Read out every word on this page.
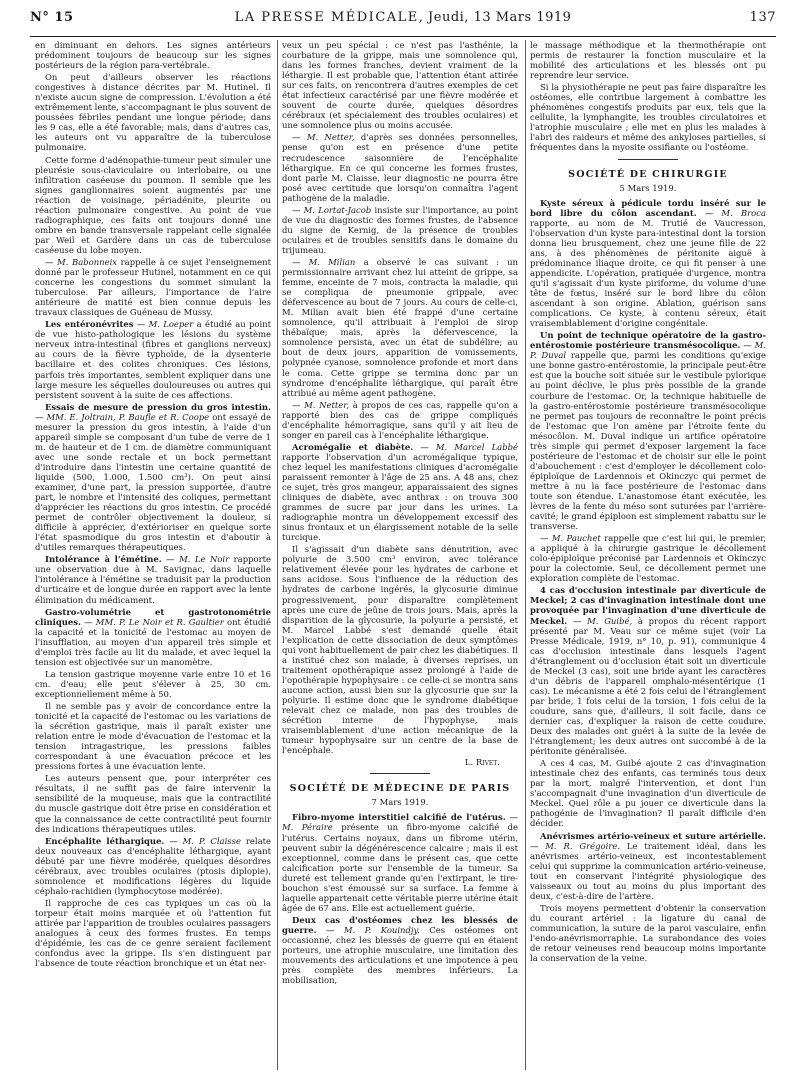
N° 15	LA PRESSE MÉDICALE, Jeudi, 13 Mars 1919	137

en diminuant en dehors. Les signes antérieurs prédominent toujours de beaucoup sur les signes postérieurs de la région para-vertébrale.

On peut d'ailleurs observer les réactions congestives à distance décrites par M. Hutinel. Il n'existe aucun signe de compression. L'évolution a été extrêmement lente, s'accompagnant le plus souvent de poussées fébriles pendant une longue période; dans les 9 cas, elle a été favorable; mais, dans d'autres cas, les auteurs ont vu apparaître de la tuberculose pulmonaire.

Cette forme d'adénopathie-tumeur peut simuler une pleurésie sous-claviculaire ou interlobaire, ou une infiltration caséeuse du poumon. Il semble que les signes ganglionnaires soient augmentés par une réaction de voisinage, périadénite, pleurite ou réaction pulmonaire congestive. Au point de vue radiographique, ces faits ont toujours donné une ombre en bande transversale rappelant celle signalée par Weil et Gardère dans un cas de tuberculose caséeuse du lobe moyen.

— M. Babonneix rappelle à ce sujet l'enseignement donné par le professeur Hutinel, notamment en ce qui concerne les congestions du sommet simulant la tuberculose. Par ailleurs, l'importance de l'aire antérieure de matité est bien connue depuis les travaux classiques de Guéneau de Mussy.

Les entéronévrites — M. Loeper a étudié au point de vue histo-pathologique les lésions du système nerveux intra-intestinal (fibres et ganglions nerveux) au cours de la fièvre typhoïde, de la dysenterie bacillaire et des colites chroniques. Ces lésions, parfois très importantes, semblent expliquer dans une large mesure les séquelles douloureuses ou autres qui persistent souvent à la suite de ces affections.

Essais de mesure de pression du gros intestin. — MM. E. Joltrain, P. Baufle et R. Coope ont essayé de mesurer la pression du gros intestin, à l'aide d'un appareil simple se composant d'un tube de verre de 1 m. de hauteur et de 1 cm. de diamètre communiquant avec une sonde rectale et un bock permettant d'introduire dans l'intestin une certaine quantité de liquide (500, 1.000, 1.500 cm³). On peut ainsi examiner, d'une part, la pression supportée, d'autre part, le nombre et l'intensité des coliques, permettant d'apprécier les réactions du gros intestin. Ce procédé permet de contrôler objectivement la douleur, si difficile à apprécier, d'extérioriser en quelque sorte l'état spasmodique du gros intestin et d'aboutir à d'utiles remarques thérapeutiques.

Intolérance à l'émétine. — M. Le Noir rapporte une observation due à M. Savignac, dans laquelle l'intolérance à l'émétine se traduisit par la production d'urticaire et de longue durée en rapport avec la lente élimination du médicament.

Gastro-volumétrie et gastrotonométrie cliniques. — MM. P. Le Noir et R. Gaultier ont étudié la capacité et la tonicité de l'estomac au moyen de l'insufflation, au moyen d'un appareil très simple et d'emploi très facile au lit du malade, et avec lequel la tension est objectivée sur un manomètre.

La tension gastrique moyenne varie entre 10 et 16 cm. d'eau; elle peut s'élever à 25, 30 cm. exceptionnellement même à 50.

Il ne semble pas y avoir de concordance entre la tonicité et la capacité de l'estomac ou les variations de la sécrétion gastrique, mais il paraît exister une relation entre le mode d'évacuation de l'estomac et la tension intragastrique, les pressions faibles correspondant à une évacuation précoce et les pressions fortes à une évacuation lente.

Les auteurs pensent que, pour interpréter ces résultats, il ne suffit pas de faire intervenir la sensibilité de la muqueuse, mais que la contractilité du muscle gastrique doit être prise en considération et que la connaissance de cette contractilité peut fournir des indications thérapeutiques utiles.

Encéphalite léthargique. — M. P. Claisse relate deux nouveaux cas d'encéphalite léthargique, ayant débuté par une fièvre modérée, quelques désordres cérébraux, avec troubles oculaires (ptosis diplopie), somnolence et modifications légères du liquide céphalo-rachidien (lymphocytose modérée).

Il rapproche de ces cas typiques un cas où la torpeur était moins marquée et où l'attention fut attirée par l'apparition de troubles oculaires passagers analogues à ceux des formes frustes. En temps d'épidémie, les cas de ce genre seraient facilement confondus avec la grippe. Ils s'en distinguent par l'absence de toute réaction bronchique et un état ner-

veux un peu spécial : ce n'est pas l'asthénie, la courbature de la grippe, mais une somnolence qui, dans les formes franches, devient vraiment de la léthargie. Il est probable que, l'attention étant attirée sur ces faits, on rencontrera d'autres exemples de cet état infectieux caractérisé par une fièvre modérée et souvent de courte durée, quelques désordres cérébraux (et spécialement des troubles oculaires) et une somnolence plus ou moins accusée.

— M. Netter, d'après ses données personnelles, pense qu'on est en présence d'une petite recrudescence saisonnière de l'encéphalite léthargique. En ce qui concerne les formes frustes, dont parle M. Claisse, leur diagnostic ne pourra être posé avec certitude que lorsqu'on connaîtra l'agent pathogène de la maladie.

— M. Lortat-Jacob insiste sur l'importance, au point de vue du diagnostic des formes frustes, de l'absence du signe de Kernig, de la présence de troubles oculaires et de troubles sensitifs dans le domaine du trijumeau.

— M. Milian a observé le cas suivant : un permissionnaire arrivant chez lui atteint de grippe, sa femme, enceinte de 7 mois, contracta la maladie, qui se compliqua de pneumonie grippale, avec défervescence au bout de 7 jours. Au cours de celle-ci, M. Milian avait bien été frappé d'une certaine somnolence, qu'il attribuait à l'emploi de sirop thébaïque; mais, après la défervescence, la somnolence persista, avec un état de subdélire; au bout de deux jours, apparition de vomissements, polypnée cyanose, somnolence profonde et mort dans le coma. Cette grippe se termina donc par un syndrome d'encéphalite léthargique, qui paraît être attribué au même agent pathogène.

— M. Netter, à propos de ces cas, rappelle qu'on a rapporté bien des cas de grippe compliqués d'encéphalite hémorragique, sans qu'il y ait lieu de songer en pareil cas à l'encéphalite léthargique.

Acromégalie et diabète. — M. Marcel Labbé rapporte l'observation d'un acromégalique typique, chez lequel les manifestations cliniques d'acromégalie paraissent remonter à l'âge de 25 ans. A 48 ans, chez ce sujet, très gros mangeur, apparaissaient des signes cliniques de diabète, avec anthrax : on trouva 300 grammes de sucre par jour dans les urines. La radiographie montra un développement excessif des sinus frontaux et un élargissement notable de la selle turcique.

Il s'agissait d'un diabète sans dénutrition, avec polyurie de 3.500 cm³ environ, avec tolérance relativement élevée pour les hydrates de carbone et sans acidose. Sous l'influence de la réduction des hydrates de carbone ingérés, la glycosurie diminue progressivement, pour disparaître complètement après une cure de jeûne de trois jours. Mais, après la disparition de la glycosurie, la polyurie a persisté, et M. Marcel Labbé s'est demandé quelle était l'explication de cette dissociation de deux symptômes qui vont habituellement de pair chez les diabétiques. Il a institué chez son malade, à diverses reprises, un traitement opothérapique assez prolongé à l'aide de l'opothérapie hypophysaire : ce celle-ci se montra sans aucune action, aussi bien sur la glycosurie que sur la polyurie. Il estime donc que le syndrome diabétique relevait chez ce malade, non pas des troubles de sécrétion interne de l'hypophyse, mais vraisemblablement d'une action mécanique de la tumeur hypophysaire sur un centre de la base de l'encéphale.

L. Rivet.
SOCIÉTÉ DE MÉDECINE DE PARIS
7 Mars 1919.

Fibro-myome interstitiel calcifié de l'utérus. — M. Péraire présente un fibro-myome calcifié de l'utérus. Certains noyaux, dans un fibrome utérin, peuvent subir la dégénérescence calcaire ; mais il est exceptionnel, comme dans le présent cas, que cette calcification porte sur l'ensemble de la tumeur. Sa dureté est tellement grande qu'en l'extirpant, le tire-bouchon s'est émoussé sur sa surface. La femme à laquelle appartenait cette véritable pierre utérine était âgée de 67 ans. Elle est actuellement guérie.

Deux cas d'ostéomes chez les blessés de guerre. — M. P. Kouindjy. Ces ostéomes ont occasionné, chez les blessés de guerre qui en étaient porteurs, une atrophie musculaire, une limitation des mouvements des articulations et une impotence à peu près complète des membres inférieurs. La mobilisation,

le massage méthodique et la thermothérapie ont permis de restaurer la fonction musculaire et la mobilité des articulations et les blessés ont pu reprendre leur service.

Si la physiothérapie ne peut pas faire disparaître les ostéomes, elle contribue largement à combattre les phénomènes congestifs produits par eux, tels que la cellulite, la lymphangite, les troubles circulatoires et l'atrophie musculaire ; elle met en plus les malades à l'abri des raideurs et même des ankyloses partielles, si fréquentes dans la myosite ossifiante ou l'ostéome.

SOCIÉTÉ DE CHIRURGIE
5 Mars 1919.

Kyste séreux à pédicule tordu inséré sur le bord libre du côlon ascendant. — M. Broca rapporte, au nom de M. Trutié de Vaucresson, l'observation d'un kyste para-intestinal dont la torsion donna lieu brusquement, chez une jeune fille de 22 ans, à des phénomènes de péritonite aiguë à prédominance iliaque droite, ce qui fit penser à une appendicite. L'opération, pratiquée d'urgence, montra qu'il s'agissait d'un kyste piriforme, du volume d'une tête de fœtus, inséré sur le bord libre du côlon ascendant à son origine. Ablation, guérison sans complications. Ce kyste, à contenu séreux, était vraisemblablement d'origine congénitale.

Un point de technique opératoire de la gastro-entérostomie postérieure transmésocolique. — M. P. Duval rappelle que, parmi les conditions qu'exige une bonne gastro-entérostomie, la principale peut-être est que la bouche soit située sur le vestibule pylorique au point déclive, le plus près possible de la grande courbure de l'estomac. Or, la technique habituelle de la gastro-entérostomie postérieure transmésocolique ne permet pas toujours de reconnaître le point précis de l'estomac que l'on amène par l'étroite fente du mésocôlon. M. Duval indique un artifice opératoire très simple qui permet d'exposer largement la face postérieure de l'estomac et de choisir sur elle le point d'abouchement : c'est d'employer le décollement colo-épiploïque de Lardennois et Okinczyc qui permet de mettre à nu la face postérieure de l'estomac dans toute son étendue. L'anastomose étant exécutée, les lèvres de la fente du méso sont suturées par l'arrière-cavité; le grand épiploon est simplement rabattu sur le transverse.

— M. Pauchet rappelle que c'est lui qui, le premier, a appliqué à la chirurgie gastrique le décollement colo-épiploïque préconisé par Lardennois et Okinczyc pour la colectomie. Seul, ce décollement permet une exploration complète de l'estomac.

4 cas d'occlusion intestinale par diverticule de Meckel; 2 cas d'invagination intestinale dont une provoquée par l'invagination d'une diverticule de Meckel. — M. Guibé, à propos du récent rapport présenté par M. Veau sur ce même sujet (voir La Presse Médicale, 1919, n° 10, p. 91), communique 4 cas d'occlusion intestinale dans lesquels l'agent d'étranglement ou d'occlusion était soit un diverticule de Meckel (3 cas), soit une bride ayant les caractères d'un débris de l'appareil omphalo-mésentérique (1 cas). Le mécanisme a été 2 fois celui de l'étranglement par bride, 1 fois celui de la torsion, 1 fois celui de la coudure, sans que, d'ailleurs, il soit facile, dans ce dernier cas, d'expliquer la raison de cette coudure. Deux des malades ont guéri à la suite de la levée de l'étranglement; les deux autres ont succombé à de la péritonite généralisée.

A ces 4 cas, M. Guibé ajoute 2 cas d'invagination intestinale chez des enfants, cas terminés tous deux par la mort, malgré l'intervention, et dont l'un s'accompagnait d'une invagination d'un diverticule de Meckel. Quel rôle a pu jouer ce diverticule dans la pathogénie de l'invagination? Il paraît difficile d'en décider.

Anévrismes artério-veineux et suture artérielle. — M. R. Grégoire. Le traitement idéal, dans les anévrismes artério-veineux, est incontestablement celui qui supprime la communication artério-veineuse, tout en conservant l'intégrité physiologique des vaisseaux ou tout au moins du plus important des deux, c'est-à-dire de l'artère.

Trois moyens permettent d'obtenir la conservation du courant artériel : la ligature du canal de communication, la suture de la paroi vasculaire, enfin l'endo-anévrismorraphie. La surabondance des voies de retour veineuses rend beaucoup moins importante la conservation de la veine.
